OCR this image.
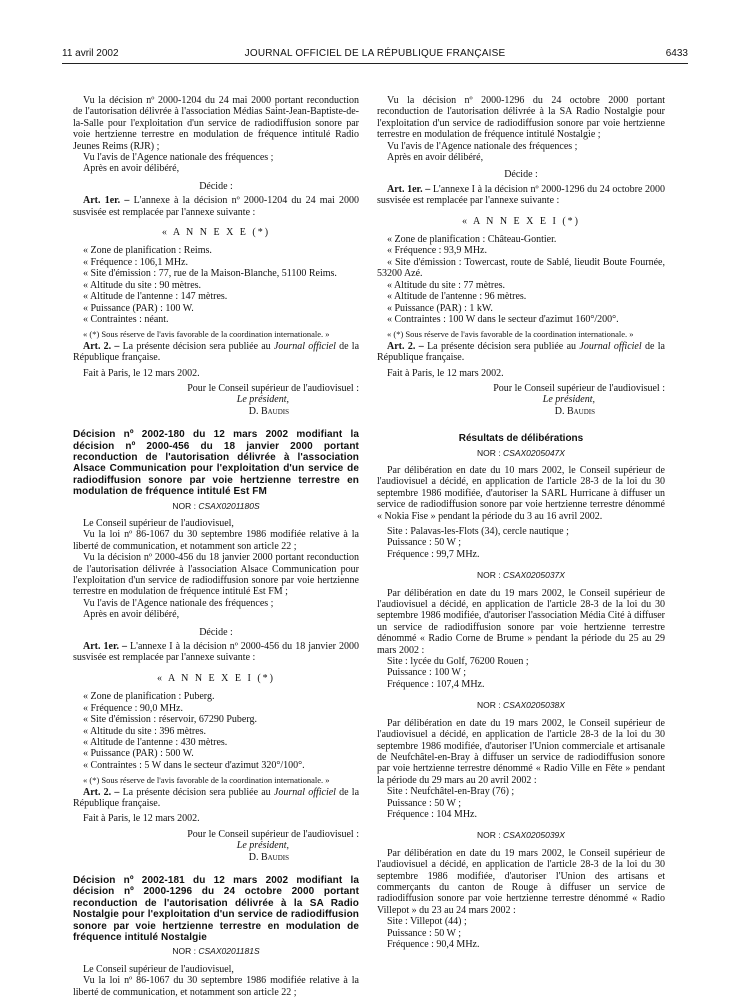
11 avril 2002	JOURNAL OFFICIEL DE LA RÉPUBLIQUE FRANÇAISE	6433

Vu la décision nº 2000-1204 du 24 mai 2000 portant reconduction de l'autorisation délivrée à l'association Médias Saint-Jean-Baptiste-de-la-Salle pour l'exploitation d'un service de radiodiffusion sonore par voie hertzienne terrestre en modulation de fréquence intitulé Radio Jeunes Reims (RJR) ;

Vu l'avis de l'Agence nationale des fréquences ;

Après en avoir délibéré,

Décide :

Art. 1er. – L'annexe à la décision nº 2000-1204 du 24 mai 2000 susvisée est remplacée par l'annexe suivante :

« A N N E X E (*)

« Zone de planification : Reims.

« Fréquence : 106,1 MHz.

« Site d'émission : 77, rue de la Maison-Blanche, 51100 Reims.

« Altitude du site : 90 mètres.

« Altitude de l'antenne : 147 mètres.

« Puissance (PAR) : 100 W.

« Contraintes : néant.

« (*) Sous réserve de l'avis favorable de la coordination internationale. »

Art. 2. – La présente décision sera publiée au Journal officiel de la République française.

Fait à Paris, le 12 mars 2002.

Pour le Conseil supérieur de l'audiovisuel :

Le président,

D. Baudis

Décision nº 2002-180 du 12 mars 2002 modifiant la décision nº 2000-456 du 18 janvier 2000 portant reconduction de l'autorisation délivrée à l'association Alsace Communication pour l'exploitation d'un service de radiodiffusion sonore par voie hertzienne terrestre en modulation de fréquence intitulé Est FM

NOR : CSAX0201180S

Le Conseil supérieur de l'audiovisuel,

Vu la loi nº 86-1067 du 30 septembre 1986 modifiée relative à la liberté de communication, et notamment son article 22 ;

Vu la décision nº 2000-456 du 18 janvier 2000 portant reconduction de l'autorisation délivrée à l'association Alsace Communication pour l'exploitation d'un service de radiodiffusion sonore par voie hertzienne terrestre en modulation de fréquence intitulé Est FM ;

Vu l'avis de l'Agence nationale des fréquences ;

Après en avoir délibéré,

Décide :

Art. 1er. – L'annexe I à la décision nº 2000-456 du 18 janvier 2000 susvisée est remplacée par l'annexe suivante :

« A N N E X E I (*)

« Zone de planification : Puberg.

« Fréquence : 90,0 MHz.

« Site d'émission : réservoir, 67290 Puberg.

« Altitude du site : 396 mètres.

« Altitude de l'antenne : 430 mètres.

« Puissance (PAR) : 500 W.

« Contraintes : 5 W dans le secteur d'azimut 320°/100°.

« (*) Sous réserve de l'avis favorable de la coordination internationale. »

Art. 2. – La présente décision sera publiée au Journal officiel de la République française.

Fait à Paris, le 12 mars 2002.

Pour le Conseil supérieur de l'audiovisuel :

Le président,

D. Baudis

Décision nº 2002-181 du 12 mars 2002 modifiant la décision nº 2000-1296 du 24 octobre 2000 portant reconduction de l'autorisation délivrée à la SA Radio Nostalgie pour l'exploitation d'un service de radiodiffusion sonore par voie hertzienne terrestre en modulation de fréquence intitulé Nostalgie

NOR : CSAX0201181S

Le Conseil supérieur de l'audiovisuel,

Vu la loi nº 86-1067 du 30 septembre 1986 modifiée relative à la liberté de communication, et notamment son article 22 ;

Vu la décision nº 2000-1296 du 24 octobre 2000 portant reconduction de l'autorisation délivrée à la SA Radio Nostalgie pour l'exploitation d'un service de radiodiffusion sonore par voie hertzienne terrestre en modulation de fréquence intitulé Nostalgie ;

Vu l'avis de l'Agence nationale des fréquences ;

Après en avoir délibéré,

Décide :

Art. 1er. – L'annexe I à la décision nº 2000-1296 du 24 octobre 2000 susvisée est remplacée par l'annexe suivante :

« A N N E X E I (*)

« Zone de planification : Château-Gontier.

« Fréquence : 93,9 MHz.

« Site d'émission : Towercast, route de Sablé, lieudit Boute Fournée, 53200 Azé.

« Altitude du site : 77 mètres.

« Altitude de l'antenne : 96 mètres.

« Puissance (PAR) : 1 kW.

« Contraintes : 100 W dans le secteur d'azimut 160°/200°.

« (*) Sous réserve de l'avis favorable de la coordination internationale. »

Art. 2. – La présente décision sera publiée au Journal officiel de la République française.

Fait à Paris, le 12 mars 2002.

Pour le Conseil supérieur de l'audiovisuel :

Le président,

D. Baudis

Résultats de délibérations

NOR : CSAX0205047X

Par délibération en date du 10 mars 2002, le Conseil supérieur de l'audiovisuel a décidé, en application de l'article 28-3 de la loi du 30 septembre 1986 modifiée, d'autoriser la SARL Hurricane à diffuser un service de radiodiffusion sonore par voie hertzienne terrestre dénommé « Nokia Fise » pendant la période du 3 au 16 avril 2002.

Site : Palavas-les-Flots (34), cercle nautique ;

Puissance : 50 W ;

Fréquence : 99,7 MHz.

NOR : CSAX0205037X

Par délibération en date du 19 mars 2002, le Conseil supérieur de l'audiovisuel a décidé, en application de l'article 28-3 de la loi du 30 septembre 1986 modifiée, d'autoriser l'association Média Cité à diffuser un service de radiodiffusion sonore par voie hertzienne terrestre dénommé « Radio Corne de Brume » pendant la période du 25 au 29 mars 2002 :

Site : lycée du Golf, 76200 Rouen ;

Puissance : 100 W ;

Fréquence : 107,4 MHz.

NOR : CSAX0205038X

Par délibération en date du 19 mars 2002, le Conseil supérieur de l'audiovisuel a décidé, en application de l'article 28-3 de la loi du 30 septembre 1986 modifiée, d'autoriser l'Union commerciale et artisanale de Neufchâtel-en-Bray à diffuser un service de radiodiffusion sonore par voie hertzienne terrestre dénommé « Radio Ville en Fête » pendant la période du 29 mars au 20 avril 2002 :

Site : Neufchâtel-en-Bray (76) ;

Puissance : 50 W ;

Fréquence : 104 MHz.

NOR : CSAX0205039X

Par délibération en date du 19 mars 2002, le Conseil supérieur de l'audiovisuel a décidé, en application de l'article 28-3 de la loi du 30 septembre 1986 modifiée, d'autoriser l'Union des artisans et commerçants du canton de Rouge à diffuser un service de radiodiffusion sonore par voie hertzienne terrestre dénommé « Radio Villepot » du 23 au 24 mars 2002 :

Site : Villepot (44) ;

Puissance : 50 W ;

Fréquence : 90,4 MHz.
